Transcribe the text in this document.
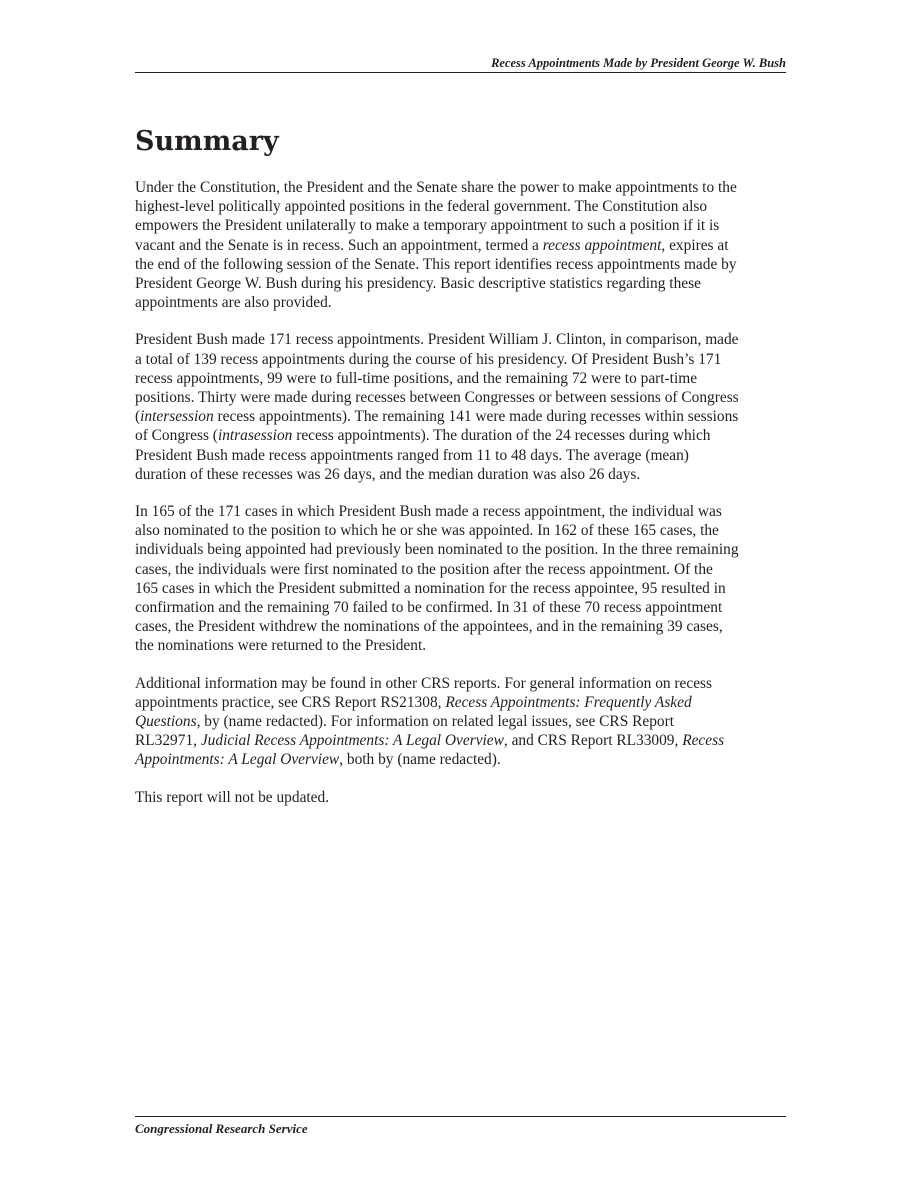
Recess Appointments Made by President George W. Bush
Summary

Under the Constitution, the President and the Senate share the power to make appointments to the
highest-level politically appointed positions in the federal government. The Constitution also
empowers the President unilaterally to make a temporary appointment to such a position if it is
vacant and the Senate is in recess. Such an appointment, termed a recess appointment, expires at
the end of the following session of the Senate. This report identifies recess appointments made by
President George W. Bush during his presidency. Basic descriptive statistics regarding these
appointments are also provided.

President Bush made 171 recess appointments. President William J. Clinton, in comparison, made
a total of 139 recess appointments during the course of his presidency. Of President Bush’s 171
recess appointments, 99 were to full-time positions, and the remaining 72 were to part-time
positions. Thirty were made during recesses between Congresses or between sessions of Congress
(intersession recess appointments). The remaining 141 were made during recesses within sessions
of Congress (intrasession recess appointments). The duration of the 24 recesses during which
President Bush made recess appointments ranged from 11 to 48 days. The average (mean)
duration of these recesses was 26 days, and the median duration was also 26 days.

In 165 of the 171 cases in which President Bush made a recess appointment, the individual was
also nominated to the position to which he or she was appointed. In 162 of these 165 cases, the
individuals being appointed had previously been nominated to the position. In the three remaining
cases, the individuals were first nominated to the position after the recess appointment. Of the
165 cases in which the President submitted a nomination for the recess appointee, 95 resulted in
confirmation and the remaining 70 failed to be confirmed. In 31 of these 70 recess appointment
cases, the President withdrew the nominations of the appointees, and in the remaining 39 cases,
the nominations were returned to the President.

Additional information may be found in other CRS reports. For general information on recess
appointments practice, see CRS Report RS21308, Recess Appointments: Frequently Asked
Questions, by (name redacted). For information on related legal issues, see CRS Report
RL32971, Judicial Recess Appointments: A Legal Overview, and CRS Report RL33009, Recess
Appointments: A Legal Overview, both by (name redacted).

This report will not be updated.

Congressional Research Service
